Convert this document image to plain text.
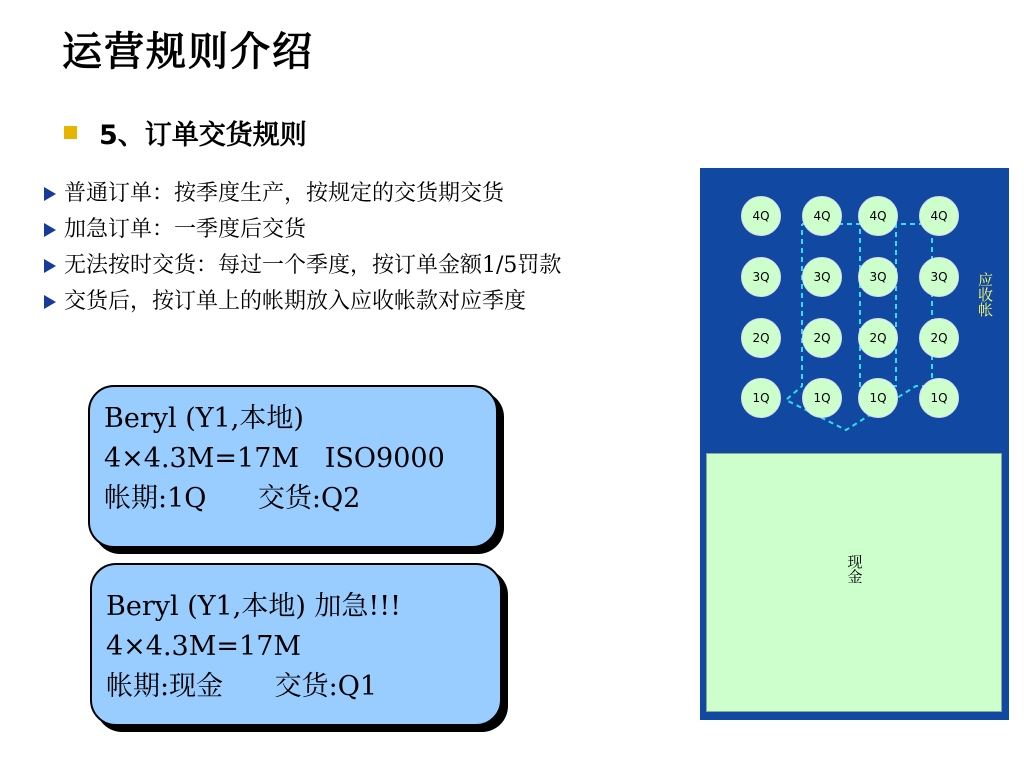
运营规则介绍
5、订单交货规则
普通订单：按季度生产，按规定的交货期交货
加急订单：一季度后交货
无法按时交货：每过一个季度，按订单金额1/5罚款
交货后，按订单上的帐期放入应收帐款对应季度
Beryl (Y1,本地)
4×4.3M=17M   ISO9000
帐期:1Q      交货:Q2
Beryl (Y1,本地) 加急!!!
4×4.3M=17M
帐期:现金      交货:Q1
4Q	4Q	4Q	4Q
3Q	3Q	3Q	3Q
2Q	2Q	2Q	2Q
1Q	1Q	1Q	1Q
应收帐
现金
